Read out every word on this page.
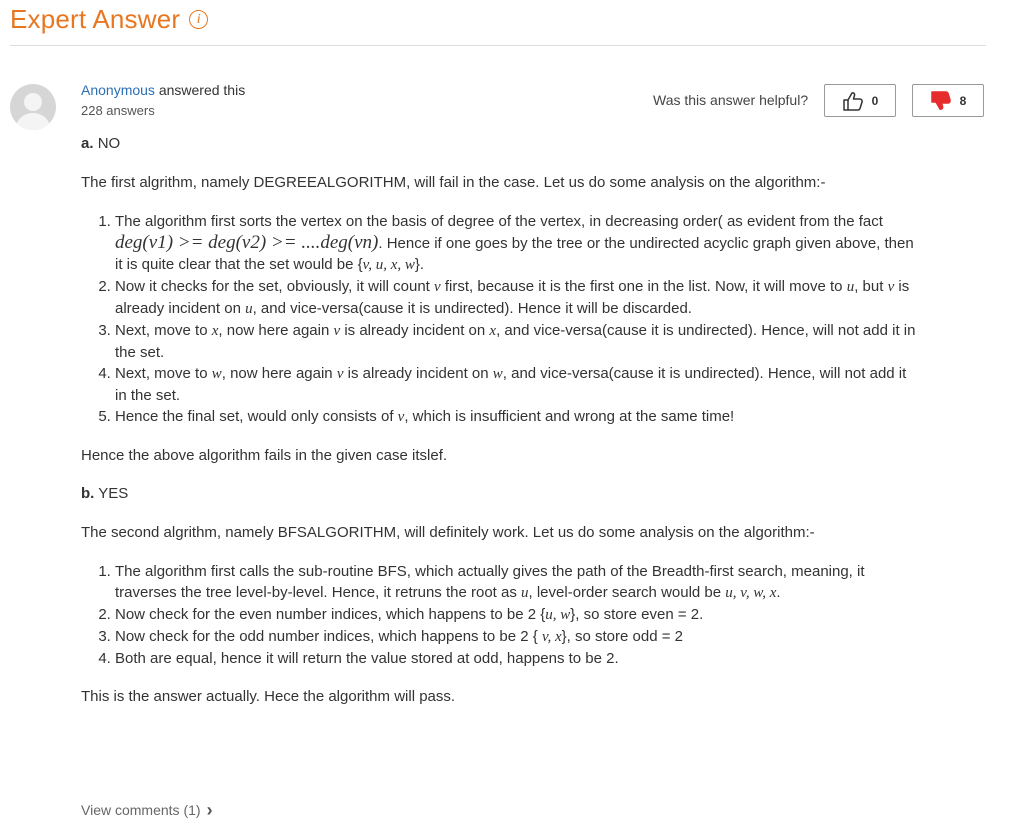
Expert Answer	i
Anonymous answered this
228 answers
Was this answer helpful?	0	8

a. NO

The first algrithm, namely DEGREEALGORITHM, will fail in the case. Let us do some analysis on the algorithm:-

1. The algorithm first sorts the vertex on the basis of degree of the vertex, in decreasing order( as evident from the fact deg(v1) >= deg(v2) >= ....deg(vn). Hence if one goes by the tree or the undirected acyclic graph given above, then it is quite clear that the set would be {v, u, x, w}.
2. Now it checks for the set, obviously, it will count v first, because it is the first one in the list. Now, it will move to u, but v is already incident on u, and vice-versa(cause it is undirected). Hence it will be discarded.
3. Next, move to x, now here again v is already incident on x, and vice-versa(cause it is undirected). Hence, will not add it in the set.
4. Next, move to w, now here again v is already incident on w, and vice-versa(cause it is undirected). Hence, will not add it in the set.
5. Hence the final set, would only consists of v, which is insufficient and wrong at the same time!

Hence the above algorithm fails in the given case itslef.

b. YES

The second algrithm, namely BFSALGORITHM, will definitely work. Let us do some analysis on the algorithm:-

1. The algorithm first calls the sub-routine BFS, which actually gives the path of the Breadth-first search, meaning, it traverses the tree level-by-level. Hence, it retruns the root as u, level-order search would be u, v, w, x.
2. Now check for the even number indices, which happens to be 2 {u, w}, so store even = 2.
3. Now check for the odd number indices, which happens to be 2 { v, x}, so store odd = 2
4. Both are equal, hence it will return the value stored at odd, happens to be 2.

This is the answer actually. Hece the algorithm will pass.

View comments (1) ›
